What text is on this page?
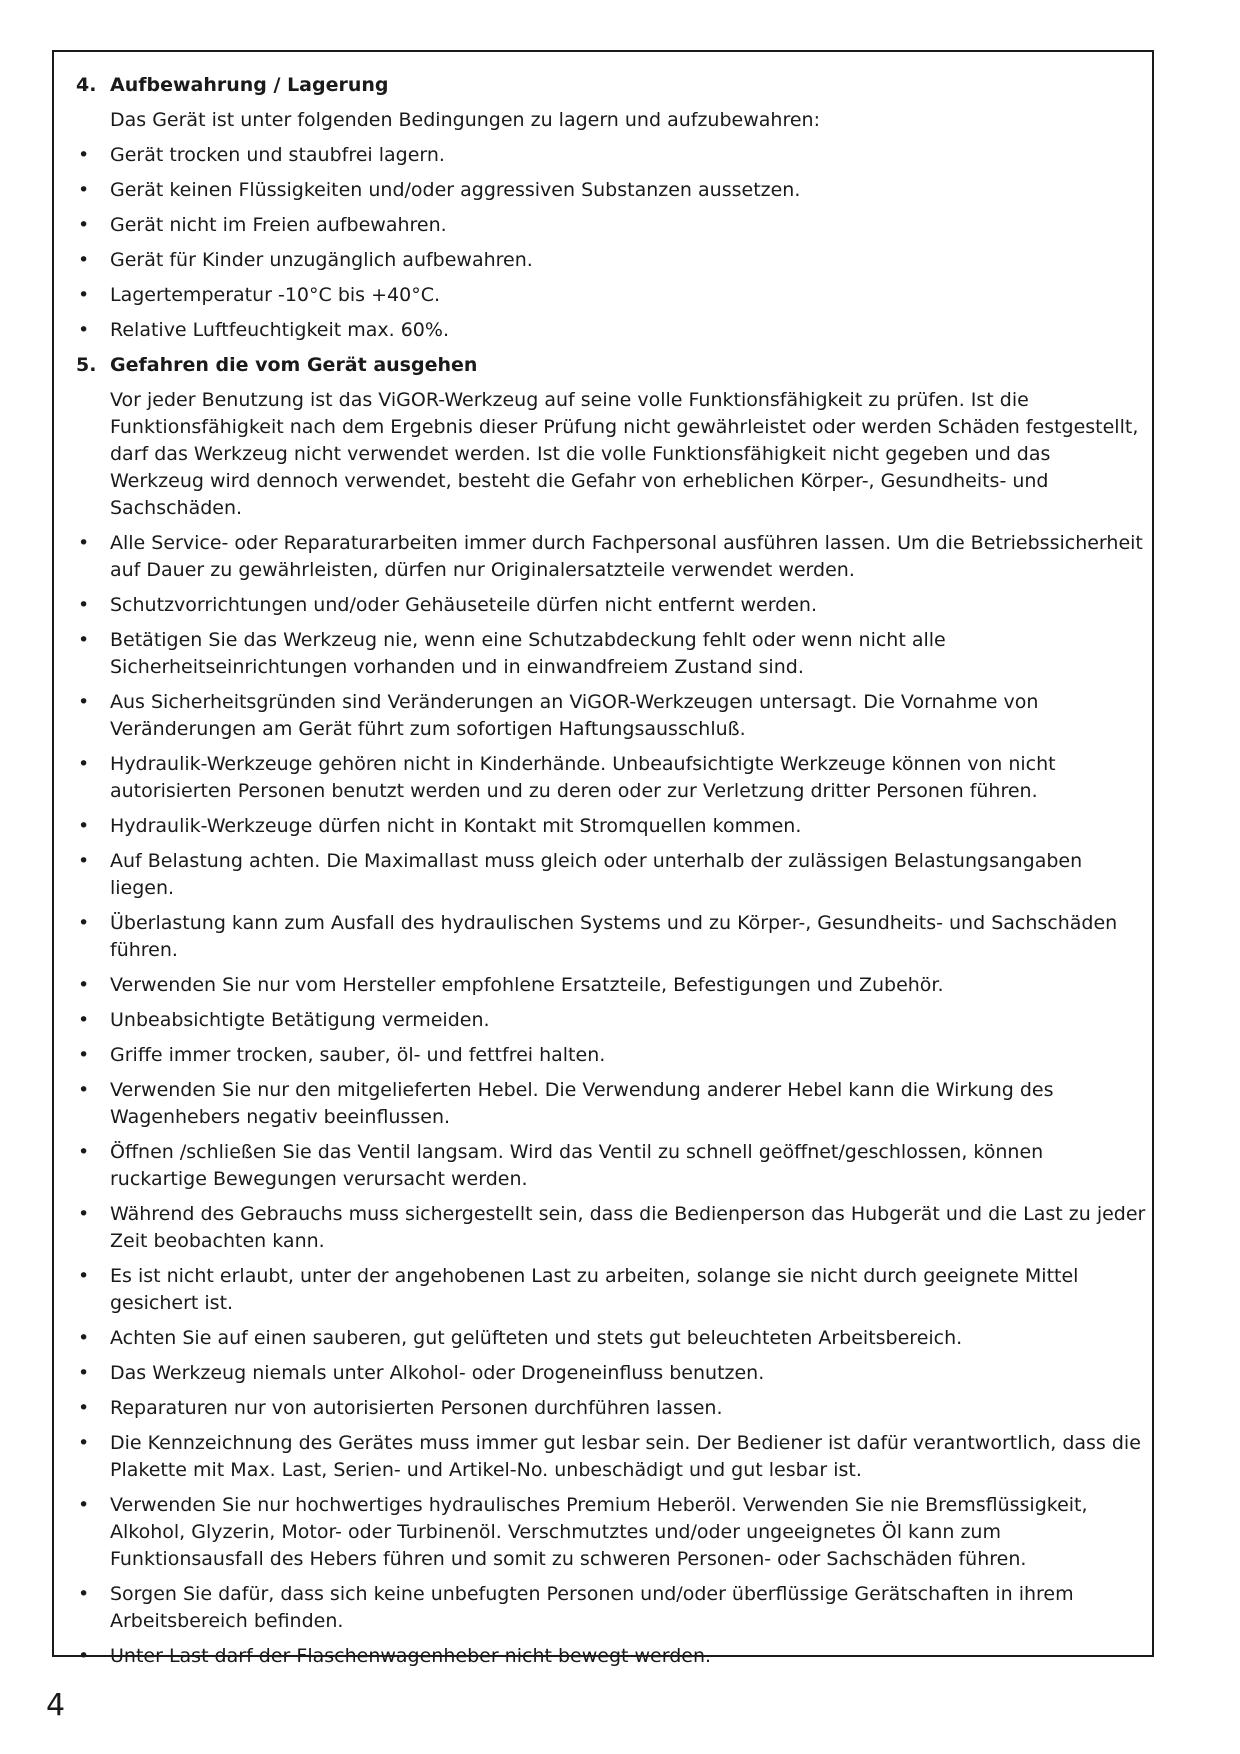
4. Aufbewahrung / Lagerung
Das Gerät ist unter folgenden Bedingungen zu lagern und aufzubewahren:
•	Gerät trocken und staubfrei lagern.
•	Gerät keinen Flüssigkeiten und/oder aggressiven Substanzen aussetzen.
•	Gerät nicht im Freien aufbewahren.
•	Gerät für Kinder unzugänglich aufbewahren.
•	Lagertemperatur -10°C bis +40°C.
•	Relative Luftfeuchtigkeit max. 60%.
5. Gefahren die vom Gerät ausgehen
Vor jeder Benutzung ist das ViGOR-Werkzeug auf seine volle Funktionsfähigkeit zu prüfen. Ist die Funktionsfähigkeit nach dem Ergebnis dieser Prüfung nicht gewährleistet oder werden Schäden festgestellt, darf das Werkzeug nicht verwendet werden. Ist die volle Funktionsfähigkeit nicht gegeben und das Werkzeug wird dennoch verwendet, besteht die Gefahr von erheblichen Körper-, Gesundheits- und Sachschäden.
•	Alle Service- oder Reparaturarbeiten immer durch Fachpersonal ausführen lassen. Um die Betriebssicherheit auf Dauer zu gewährleisten, dürfen nur Originalersatzteile verwendet werden.
•	Schutzvorrichtungen und/oder Gehäuseteile dürfen nicht entfernt werden.
•	Betätigen Sie das Werkzeug nie, wenn eine Schutzabdeckung fehlt oder wenn nicht alle Sicherheitseinrichtungen vorhanden und in einwandfreiem Zustand sind.
•	Aus Sicherheitsgründen sind Veränderungen an ViGOR-Werkzeugen untersagt. Die Vornahme von Veränderungen am Gerät führt zum sofortigen Haftungsausschluß.
•	Hydraulik-Werkzeuge gehören nicht in Kinderhände. Unbeaufsichtigte Werkzeuge können von nicht autorisierten Personen benutzt werden und zu deren oder zur Verletzung dritter Personen führen.
•	Hydraulik-Werkzeuge dürfen nicht in Kontakt mit Stromquellen kommen.
•	Auf Belastung achten. Die Maximallast muss gleich oder unterhalb der zulässigen Belastungsangaben liegen.
•	Überlastung kann zum Ausfall des hydraulischen Systems und zu Körper-, Gesundheits- und Sachschäden führen.
•	Verwenden Sie nur vom Hersteller empfohlene Ersatzteile, Befestigungen und Zubehör.
•	Unbeabsichtigte Betätigung vermeiden.
•	Griffe immer trocken, sauber, öl- und fettfrei halten.
•	Verwenden Sie nur den mitgelieferten Hebel. Die Verwendung anderer Hebel kann die Wirkung des Wagenhebers negativ beeinflussen.
•	Öffnen /schließen Sie das Ventil langsam. Wird das Ventil zu schnell geöffnet/geschlossen, können ruckartige Bewegungen verursacht werden.
•	Während des Gebrauchs muss sichergestellt sein, dass die Bedienperson das Hubgerät und die Last zu jeder Zeit beobachten kann.
•	Es ist nicht erlaubt, unter der angehobenen Last zu arbeiten, solange sie nicht durch geeignete Mittel gesichert ist.
•	Achten Sie auf einen sauberen, gut gelüfteten und stets gut beleuchteten Arbeitsbereich.
•	Das Werkzeug niemals unter Alkohol- oder Drogeneinfluss benutzen.
•	Reparaturen nur von autorisierten Personen durchführen lassen.
•	Die Kennzeichnung des Gerätes muss immer gut lesbar sein. Der Bediener ist dafür verantwortlich, dass die Plakette mit Max. Last, Serien- und Artikel-No. unbeschädigt und gut lesbar ist.
•	Verwenden Sie nur hochwertiges hydraulisches Premium Heberöl. Verwenden Sie nie Bremsflüssigkeit, Alkohol, Glyzerin, Motor- oder Turbinenöl. Verschmutztes und/oder ungeeignetes Öl kann zum Funktionsausfall des Hebers führen und somit zu schweren Personen- oder Sachschäden führen.
•	Sorgen Sie dafür, dass sich keine unbefugten Personen und/oder überflüssige Gerätschaften in ihrem Arbeitsbereich befinden.
•	Unter Last darf der Flaschenwagenheber nicht bewegt werden.
4
